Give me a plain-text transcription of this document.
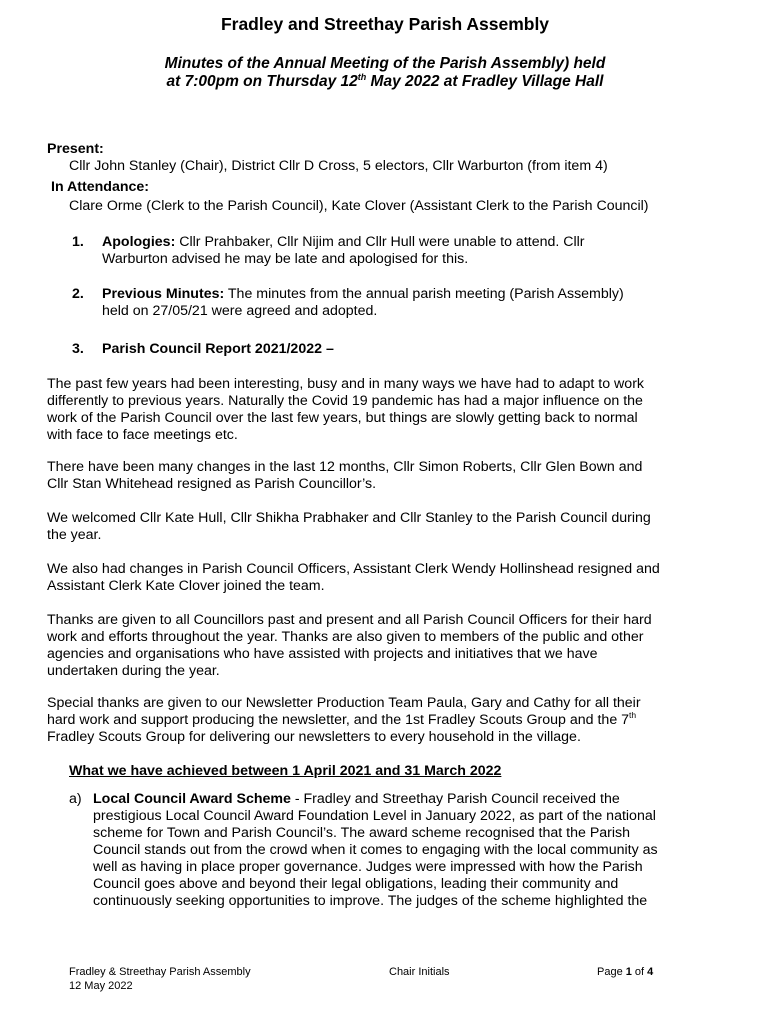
Fradley and Streethay Parish Assembly
Minutes of the Annual Meeting of the Parish Assembly) held
at 7:00pm on Thursday 12th May 2022 at Fradley Village Hall
Present:
Cllr John Stanley (Chair), District Cllr D Cross, 5 electors, Cllr Warburton (from item 4)
In Attendance:
Clare Orme (Clerk to the Parish Council), Kate Clover (Assistant Clerk to the Parish Council)
1. Apologies: Cllr Prahbaker, Cllr Nijim and Cllr Hull were unable to attend. Cllr
Warburton advised he may be late and apologised for this.
2. Previous Minutes: The minutes from the annual parish meeting (Parish Assembly)
held on 27/05/21 were agreed and adopted.
3. Parish Council Report 2021/2022 –
The past few years had been interesting, busy and in many ways we have had to adapt to work
differently to previous years. Naturally the Covid 19 pandemic has had a major influence on the
work of the Parish Council over the last few years, but things are slowly getting back to normal
with face to face meetings etc.
There have been many changes in the last 12 months, Cllr Simon Roberts, Cllr Glen Bown and
Cllr Stan Whitehead resigned as Parish Councillor’s.
We welcomed Cllr Kate Hull, Cllr Shikha Prabhaker and Cllr Stanley to the Parish Council during
the year.
We also had changes in Parish Council Officers, Assistant Clerk Wendy Hollinshead resigned and
Assistant Clerk Kate Clover joined the team.
Thanks are given to all Councillors past and present and all Parish Council Officers for their hard
work and efforts throughout the year. Thanks are also given to members of the public and other
agencies and organisations who have assisted with projects and initiatives that we have
undertaken during the year.
Special thanks are given to our Newsletter Production Team Paula, Gary and Cathy for all their
hard work and support producing the newsletter, and the 1st Fradley Scouts Group and the 7th
Fradley Scouts Group for delivering our newsletters to every household in the village.
What we have achieved between 1 April 2021 and 31 March 2022
a) Local Council Award Scheme - Fradley and Streethay Parish Council received the
prestigious Local Council Award Foundation Level in January 2022, as part of the national
scheme for Town and Parish Council’s. The award scheme recognised that the Parish
Council stands out from the crowd when it comes to engaging with the local community as
well as having in place proper governance. Judges were impressed with how the Parish
Council goes above and beyond their legal obligations, leading their community and
continuously seeking opportunities to improve. The judges of the scheme highlighted the
Fradley & Streethay Parish Assembly
12 May 2022
Chair Initials	Page 1 of 4
